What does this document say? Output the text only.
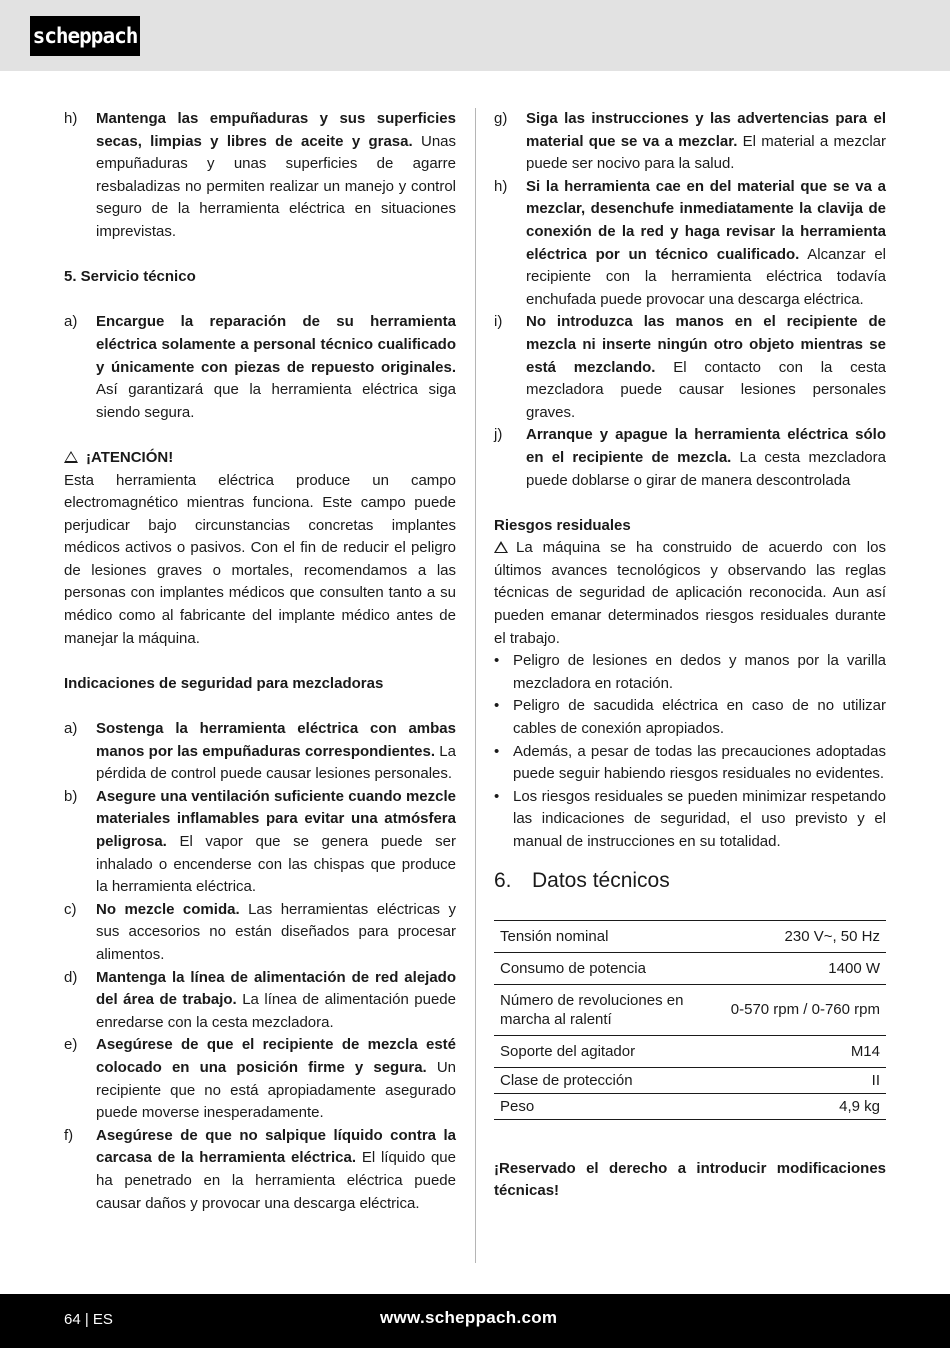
scheppach
h)	Mantenga las empuñaduras y sus superficies secas, limpias y libres de aceite y grasa. Unas empuñaduras y unas superficies de agarre resbaladizas no permiten realizar un manejo y control seguro de la herramienta eléctrica en situaciones imprevistas.
5. Servicio técnico
a)	Encargue la reparación de su herramienta eléctrica solamente a personal técnico cualificado y únicamente con piezas de repuesto originales. Así garantizará que la herramienta eléctrica siga siendo segura.
¡ATENCIÓN!
Esta herramienta eléctrica produce un campo electromagnético mientras funciona. Este campo puede perjudicar bajo circunstancias concretas implantes médicos activos o pasivos. Con el fin de reducir el peligro de lesiones graves o mortales, recomendamos a las personas con implantes médicos que consulten tanto a su médico como al fabricante del implante médico antes de manejar la máquina.
Indicaciones de seguridad para mezcladoras
a)	Sostenga la herramienta eléctrica con ambas manos por las empuñaduras correspondientes. La pérdida de control puede causar lesiones personales.
b)	Asegure una ventilación suficiente cuando mezcle materiales inflamables para evitar una atmósfera peligrosa. El vapor que se genera puede ser inhalado o encenderse con las chispas que produce la herramienta eléctrica.
c)	No mezcle comida. Las herramientas eléctricas y sus accesorios no están diseñados para procesar alimentos.
d)	Mantenga la línea de alimentación de red alejado del área de trabajo. La línea de alimentación puede enredarse con la cesta mezcladora.
e)	Asegúrese de que el recipiente de mezcla esté colocado en una posición firme y segura. Un recipiente que no está apropiadamente asegurado puede moverse inesperadamente.
f)	Asegúrese de que no salpique líquido contra la carcasa de la herramienta eléctrica. El líquido que ha penetrado en la herramienta eléctrica puede causar daños y provocar una descarga eléctrica.
g)	Siga las instrucciones y las advertencias para el material que se va a mezclar. El material a mezclar puede ser nocivo para la salud.
h)	Si la herramienta cae en del material que se va a mezclar, desenchufe inmediatamente la clavija de conexión de la red y haga revisar la herramienta eléctrica por un técnico cualificado. Alcanzar el recipiente con la herramienta eléctrica todavía enchufada puede provocar una descarga eléctrica.
i)	No introduzca las manos en el recipiente de mezcla ni inserte ningún otro objeto mientras se está mezclando. El contacto con la cesta mezcladora puede causar lesiones personales graves.
j)	Arranque y apague la herramienta eléctrica sólo en el recipiente de mezcla. La cesta mezcladora puede doblarse o girar de manera descontrolada
Riesgos residuales
La máquina se ha construido de acuerdo con los últimos avances tecnológicos y observando las reglas técnicas de seguridad de aplicación reconocida. Aun así pueden emanar determinados riesgos residuales durante el trabajo.
• Peligro de lesiones en dedos y manos por la varilla mezcladora en rotación.
• Peligro de sacudida eléctrica en caso de no utilizar cables de conexión apropiados.
• Además, a pesar de todas las precauciones adoptadas puede seguir habiendo riesgos residuales no evidentes.
• Los riesgos residuales se pueden minimizar respetando las indicaciones de seguridad, el uso previsto y el manual de instrucciones en su totalidad.
6. Datos técnicos
Tensión nominal	230 V~, 50 Hz
Consumo de potencia	1400 W
Número de revoluciones en marcha al ralentí	0-570 rpm / 0-760 rpm
Soporte del agitador	M14
Clase de protección	II
Peso	4,9 kg
¡Reservado el derecho a introducir modificaciones técnicas!
64 | ES	www.scheppach.com
